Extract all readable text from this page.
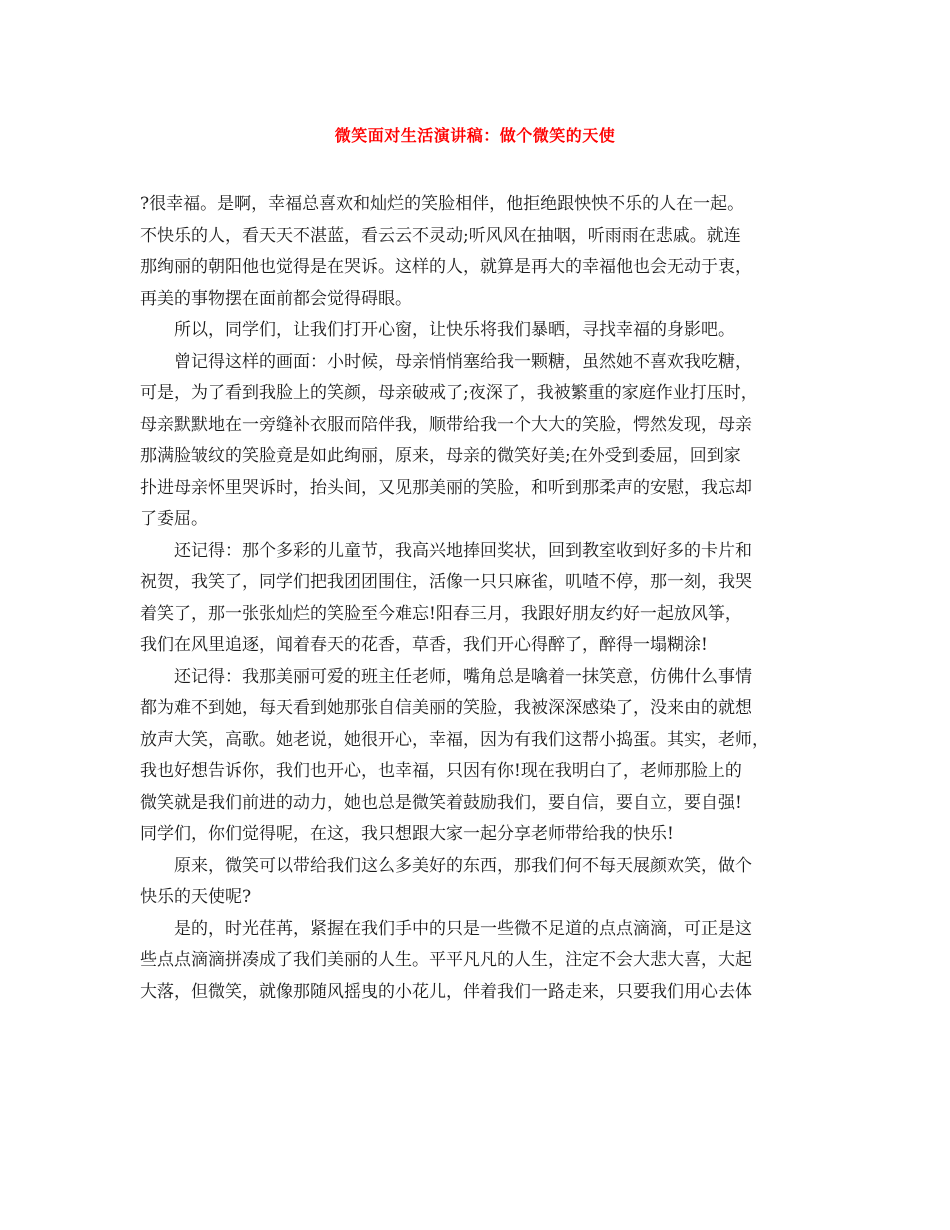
微笑面对生活演讲稿：做个微笑的天使
?很幸福。是啊，幸福总喜欢和灿烂的笑脸相伴，他拒绝跟怏怏不乐的人在一起。
不快乐的人，看天天不湛蓝，看云云不灵动;听风风在抽咽，听雨雨在悲戚。就连
那绚丽的朝阳他也觉得是在哭诉。这样的人，就算是再大的幸福他也会无动于衷，
再美的事物摆在面前都会觉得碍眼。
所以，同学们，让我们打开心窗，让快乐将我们暴晒，寻找幸福的身影吧。
曾记得这样的画面：小时候，母亲悄悄塞给我一颗糖，虽然她不喜欢我吃糖，
可是，为了看到我脸上的笑颜，母亲破戒了;夜深了，我被繁重的家庭作业打压时，
母亲默默地在一旁缝补衣服而陪伴我，顺带给我一个大大的笑脸，愕然发现，母亲
那满脸皱纹的笑脸竟是如此绚丽，原来，母亲的微笑好美;在外受到委屈，回到家
扑进母亲怀里哭诉时，抬头间，又见那美丽的笑脸，和听到那柔声的安慰，我忘却
了委屈。
还记得：那个多彩的儿童节，我高兴地捧回奖状，回到教室收到好多的卡片和
祝贺，我笑了，同学们把我团团围住，活像一只只麻雀，叽喳不停，那一刻，我哭
着笑了，那一张张灿烂的笑脸至今难忘!阳春三月，我跟好朋友约好一起放风筝，
我们在风里追逐，闻着春天的花香，草香，我们开心得醉了，醉得一塌糊涂!
还记得：我那美丽可爱的班主任老师，嘴角总是噙着一抹笑意，仿佛什么事情
都为难不到她，每天看到她那张自信美丽的笑脸，我被深深感染了，没来由的就想
放声大笑，高歌。她老说，她很开心，幸福，因为有我们这帮小捣蛋。其实，老师，
我也好想告诉你，我们也开心，也幸福，只因有你!现在我明白了，老师那脸上的
微笑就是我们前进的动力，她也总是微笑着鼓励我们，要自信，要自立，要自强!
同学们，你们觉得呢，在这，我只想跟大家一起分享老师带给我的快乐!
原来，微笑可以带给我们这么多美好的东西，那我们何不每天展颜欢笑，做个
快乐的天使呢?
是的，时光荏苒，紧握在我们手中的只是一些微不足道的点点滴滴，可正是这
些点点滴滴拼凑成了我们美丽的人生。平平凡凡的人生，注定不会大悲大喜，大起
大落，但微笑，就像那随风摇曳的小花儿，伴着我们一路走来，只要我们用心去体
